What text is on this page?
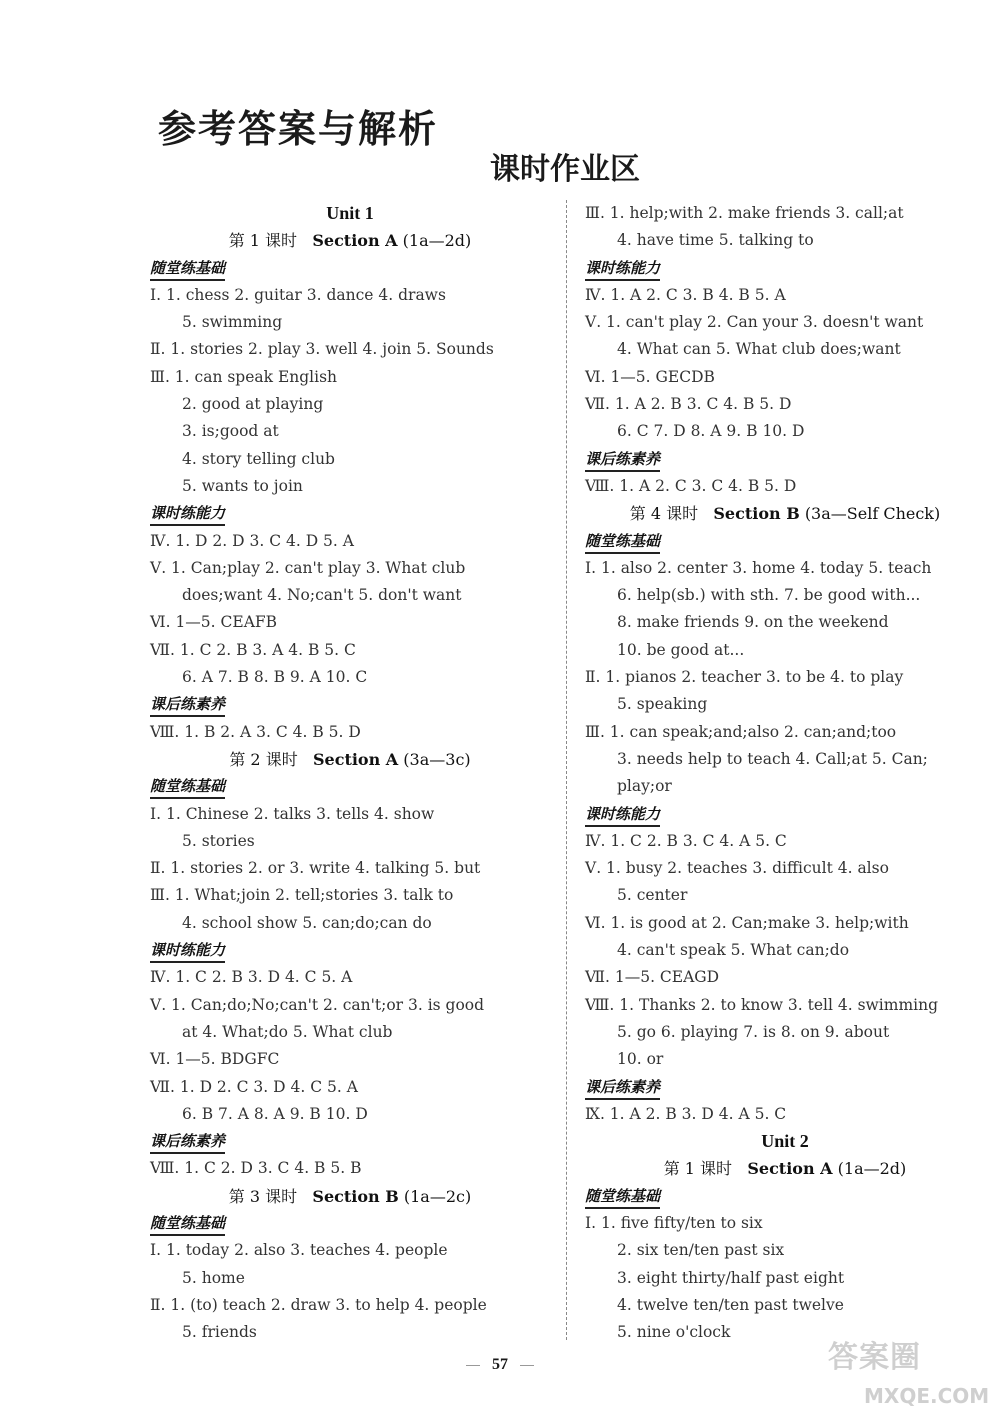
参考答案与解析
课时作业区
Unit 1
第 1 课时 Section A (1a—2d)
随堂练基础
Ⅰ. 1. chess 2. guitar 3. dance 4. draws
5. swimming
Ⅱ. 1. stories 2. play 3. well 4. join 5. Sounds
Ⅲ. 1. can speak English
2. good at playing
3. is;good at
4. story telling club
5. wants to join
课时练能力
Ⅳ. 1. D 2. D 3. C 4. D 5. A
Ⅴ. 1. Can;play 2. can't play 3. What club
does;want 4. No;can't 5. don't want
Ⅵ. 1—5. CEAFB
Ⅶ. 1. C 2. B 3. A 4. B 5. C
6. A 7. B 8. B 9. A 10. C
课后练素养
Ⅷ. 1. B 2. A 3. C 4. B 5. D
第 2 课时 Section A (3a—3c)
随堂练基础
Ⅰ. 1. Chinese 2. talks 3. tells 4. show
5. stories
Ⅱ. 1. stories 2. or 3. write 4. talking 5. but
Ⅲ. 1. What;join 2. tell;stories 3. talk to
4. school show 5. can;do;can do
课时练能力
Ⅳ. 1. C 2. B 3. D 4. C 5. A
Ⅴ. 1. Can;do;No;can't 2. can't;or 3. is good
at 4. What;do 5. What club
Ⅵ. 1—5. BDGFC
Ⅶ. 1. D 2. C 3. D 4. C 5. A
6. B 7. A 8. A 9. B 10. D
课后练素养
Ⅷ. 1. C 2. D 3. C 4. B 5. B
第 3 课时 Section B (1a—2c)
随堂练基础
Ⅰ. 1. today 2. also 3. teaches 4. people
5. home
Ⅱ. 1. (to) teach 2. draw 3. to help 4. people
5. friends
Ⅲ. 1. help;with 2. make friends 3. call;at
4. have time 5. talking to
课时练能力
Ⅳ. 1. A 2. C 3. B 4. B 5. A
Ⅴ. 1. can't play 2. Can your 3. doesn't want
4. What can 5. What club does;want
Ⅵ. 1—5. GECDB
Ⅶ. 1. A 2. B 3. C 4. B 5. D
6. C 7. D 8. A 9. B 10. D
课后练素养
Ⅷ. 1. A 2. C 3. C 4. B 5. D
第 4 课时 Section B (3a—Self Check)
随堂练基础
Ⅰ. 1. also 2. center 3. home 4. today 5. teach
6. help(sb.) with sth. 7. be good with...
8. make friends 9. on the weekend
10. be good at...
Ⅱ. 1. pianos 2. teacher 3. to be 4. to play
5. speaking
Ⅲ. 1. can speak;and;also 2. can;and;too
3. needs help to teach 4. Call;at 5. Can;
play;or
课时练能力
Ⅳ. 1. C 2. B 3. C 4. A 5. C
Ⅴ. 1. busy 2. teaches 3. difficult 4. also
5. center
Ⅵ. 1. is good at 2. Can;make 3. help;with
4. can't speak 5. What can;do
Ⅶ. 1—5. CEAGD
Ⅷ. 1. Thanks 2. to know 3. tell 4. swimming
5. go 6. playing 7. is 8. on 9. about
10. or
课后练素养
Ⅸ. 1. A 2. B 3. D 4. A 5. C
Unit 2
第 1 课时 Section A (1a—2d)
随堂练基础
Ⅰ. 1. five fifty/ten to six
2. six ten/ten past six
3. eight thirty/half past eight
4. twelve ten/ten past twelve
5. nine o'clock
57	答案圈
MXQE.COM
